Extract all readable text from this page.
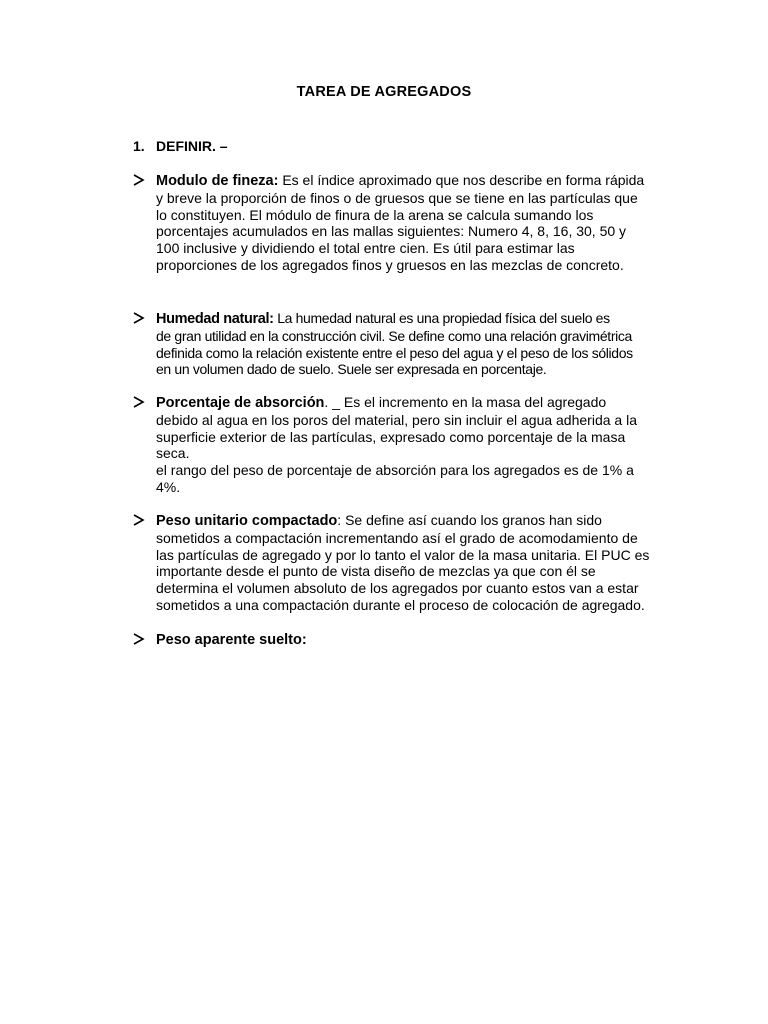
TAREA DE AGREGADOS
1. DEFINIR. –
Modulo de fineza: Es el índice aproximado que nos describe en forma rápida
y breve la proporción de finos o de gruesos que se tiene en las partículas que
lo constituyen. El módulo de finura de la arena se calcula sumando los
porcentajes acumulados en las mallas siguientes: Numero 4, 8, 16, 30, 50 y
100 inclusive y dividiendo el total entre cien. Es útil para estimar las
proporciones de los agregados finos y gruesos en las mezclas de concreto.
Humedad natural: La humedad natural es una propiedad física del suelo es
de gran utilidad en la construcción civil. Se define como una relación gravimétrica
definida como la relación existente entre el peso del agua y el peso de los sólidos
en un volumen dado de suelo. Suele ser expresada en porcentaje.
Porcentaje de absorción. _ Es el incremento en la masa del agregado
debido al agua en los poros del material, pero sin incluir el agua adherida a la
superficie exterior de las partículas, expresado como porcentaje de la masa
seca.
el rango del peso de porcentaje de absorción para los agregados es de 1% a
4%.
Peso unitario compactado: Se define así cuando los granos han sido
sometidos a compactación incrementando así el grado de acomodamiento de
las partículas de agregado y por lo tanto el valor de la masa unitaria. El PUC es
importante desde el punto de vista diseño de mezclas ya que con él se
determina el volumen absoluto de los agregados por cuanto estos van a estar
sometidos a una compactación durante el proceso de colocación de agregado.
Peso aparente suelto:
